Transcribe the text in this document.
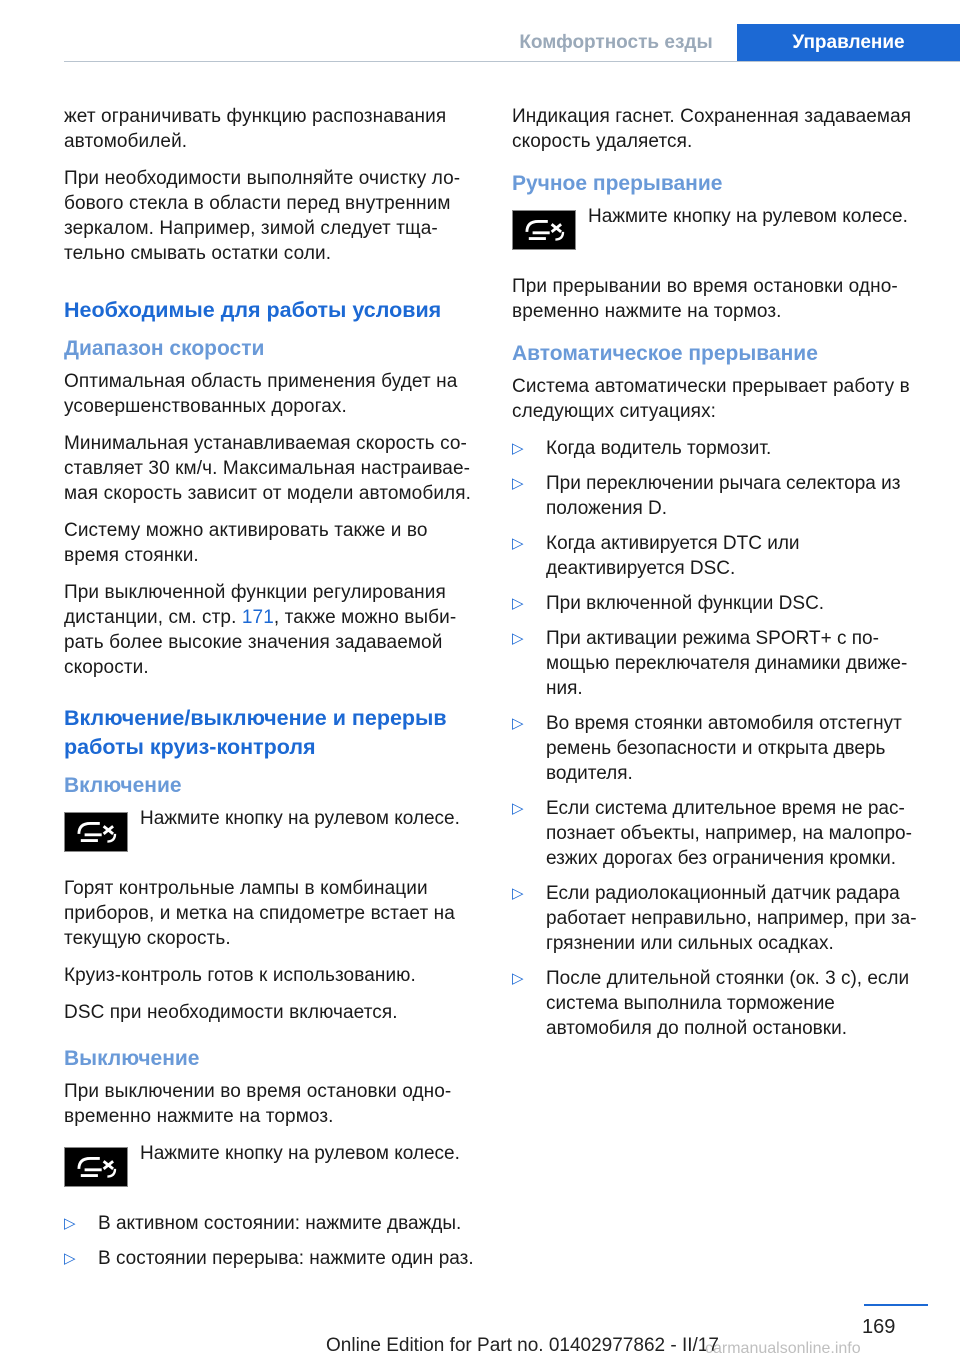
Комфортность езды	Управление

жет ограничивать функцию распознавания автомобилей.

При необходимости выполняйте очистку ло-бового стекла в области перед внутренним зеркалом. Например, зимой следует тща-тельно смывать остатки соли.

Необходимые для работы условия
Диапазон скорости

Оптимальная область применения будет на усовершенствованных дорогах.

Минимальная устанавливаемая скорость со-ставляет 30 км/ч. Максимальная настраивае-мая скорость зависит от модели автомобиля.

Систему можно активировать также и во время стоянки.

При выключенной функции регулирования дистанции, см. стр. 171, также можно выби-рать более высокие значения задаваемой скорости.

Включение/выключение и перерыв работы круиз-контроля
Включение
Нажмите кнопку на рулевом колесе.

Горят контрольные лампы в комбинации приборов, и метка на спидометре встает на текущую скорость.

Круиз-контроль готов к использованию.

DSC при необходимости включается.

Выключение

При выключении во время остановки одно-временно нажмите на тормоз.

Нажмите кнопку на рулевом колесе.
▷ В активном состоянии: нажмите дважды.
▷ В состоянии перерыва: нажмите один раз.

Индикация гаснет. Сохраненная задаваемая скорость удаляется.

Ручное прерывание
Нажмите кнопку на рулевом колесе.

При прерывании во время остановки одно-временно нажмите на тормоз.

Автоматическое прерывание

Система автоматически прерывает работу в следующих ситуациях:

▷ Когда водитель тормозит.
▷ При переключении рычага селектора из положения D.
▷ Когда активируется DTC или деактивируется DSC.
▷ При включенной функции DSC.
▷ При активации режима SPORT+ с по-мощью переключателя динамики движе-ния.
▷ Во время стоянки автомобиля отстегнут ремень безопасности и открыта дверь водителя.
▷ Если система длительное время не рас-познает объекты, например, на малопро-езжих дорогах без ограничения кромки.
▷ Если радиолокационный датчик радара работает неправильно, например, при за-грязнении или сильных осадках.
▷ После длительной стоянки (ок. 3 с), если система выполнила торможение автомобиля до полной остановки.
169
Online Edition for Part no. 01402977862 - II/17
carmanualsonline.info
